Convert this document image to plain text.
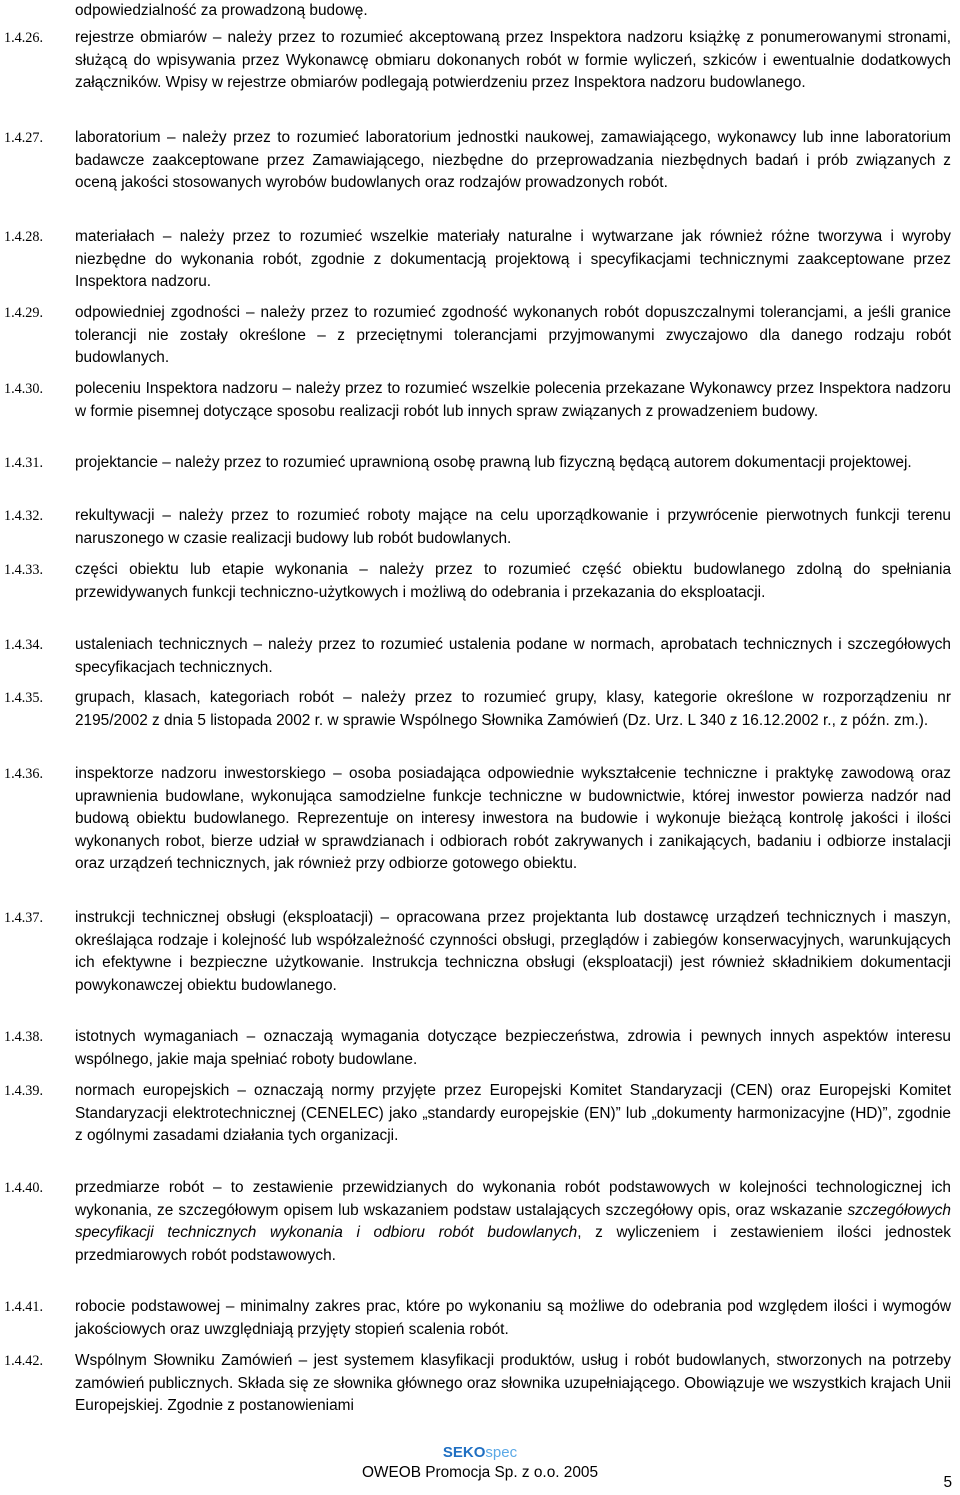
odpowiedzialność za prowadzoną budowę.
1.4.26. rejestrze obmiarów – należy przez to rozumieć akceptowaną przez Inspektora nadzoru książkę z ponumerowanymi stronami, służącą do wpisywania przez Wykonawcę obmiaru dokonanych robót w formie wyliczeń, szkiców i ewentualnie dodatkowych załączników. Wpisy w rejestrze obmiarów podlegają potwierdzeniu przez Inspektora nadzoru budowlanego.
1.4.27. laboratorium – należy przez to rozumieć laboratorium jednostki naukowej, zamawiającego, wykonawcy lub inne laboratorium badawcze zaakceptowane przez Zamawiającego, niezbędne do przeprowadzania niezbędnych badań i prób związanych z oceną jakości stosowanych wyrobów budowlanych oraz rodzajów prowadzonych robót.
1.4.28. materiałach – należy przez to rozumieć wszelkie materiały naturalne i wytwarzane jak również różne tworzywa i wyroby niezbędne do wykonania robót, zgodnie z dokumentacją projektową i specyfikacjami technicznymi zaakceptowane przez Inspektora nadzoru.
1.4.29. odpowiedniej zgodności – należy przez to rozumieć zgodność wykonanych robót dopuszczalnymi tolerancjami, a jeśli granice tolerancji nie zostały określone – z przeciętnymi tolerancjami przyjmowanymi zwyczajowo dla danego rodzaju robót budowlanych.
1.4.30. poleceniu Inspektora nadzoru – należy przez to rozumieć wszelkie polecenia przekazane Wykonawcy przez Inspektora nadzoru w formie pisemnej dotyczące sposobu realizacji robót lub innych spraw związanych z prowadzeniem budowy.
1.4.31. projektancie – należy przez to rozumieć uprawnioną osobę prawną lub fizyczną będącą autorem dokumentacji projektowej.
1.4.32. rekultywacji – należy przez to rozumieć roboty mające na celu uporządkowanie i przywrócenie pierwotnych funkcji terenu naruszonego w czasie realizacji budowy lub robót budowlanych.
1.4.33. części obiektu lub etapie wykonania – należy przez to rozumieć część obiektu budowlanego zdolną do spełniania przewidywanych funkcji techniczno-użytkowych i możliwą do odebrania i przekazania do eksploatacji.
1.4.34. ustaleniach technicznych – należy przez to rozumieć ustalenia podane w normach, aprobatach technicznych i szczegółowych specyfikacjach technicznych.
1.4.35. grupach, klasach, kategoriach robót – należy przez to rozumieć grupy, klasy, kategorie określone w rozporządzeniu nr 2195/2002 z dnia 5 listopada 2002 r. w sprawie Wspólnego Słownika Zamówień (Dz. Urz. L 340 z 16.12.2002 r., z późn. zm.).
1.4.36. inspektorze nadzoru inwestorskiego – osoba posiadająca odpowiednie wykształcenie techniczne i praktykę zawodową oraz uprawnienia budowlane, wykonująca samodzielne funkcje techniczne w budownictwie, której inwestor powierza nadzór nad budową obiektu budowlanego. Reprezentuje on interesy inwestora na budowie i wykonuje bieżącą kontrolę jakości i ilości wykonanych robot, bierze udział w sprawdzianach i odbiorach robót zakrywanych i zanikających, badaniu i odbiorze instalacji oraz urządzeń technicznych, jak również przy odbiorze gotowego obiektu.
1.4.37. instrukcji technicznej obsługi (eksploatacji) – opracowana przez projektanta lub dostawcę urządzeń technicznych i maszyn, określająca rodzaje i kolejność lub współzależność czynności obsługi, przeglądów i zabiegów konserwacyjnych, warunkujących ich efektywne i bezpieczne użytkowanie. Instrukcja techniczna obsługi (eksploatacji) jest również składnikiem dokumentacji powykonawczej obiektu budowlanego.
1.4.38. istotnych wymaganiach – oznaczają wymagania dotyczące bezpieczeństwa, zdrowia i pewnych innych aspektów interesu wspólnego, jakie maja spełniać roboty budowlane.
1.4.39. normach europejskich – oznaczają normy przyjęte przez Europejski Komitet Standaryzacji (CEN) oraz Europejski Komitet Standaryzacji elektrotechnicznej (CENELEC) jako „standardy europejskie (EN)” lub „dokumenty harmonizacyjne (HD)”, zgodnie z ogólnymi zasadami działania tych organizacji.
1.4.40. przedmiarze robót – to zestawienie przewidzianych do wykonania robót podstawowych w kolejności technologicznej ich wykonania, ze szczegółowym opisem lub wskazaniem podstaw ustalających szczegółowy opis, oraz wskazanie szczegółowych specyfikacji technicznych wykonania i odbioru robót budowlanych, z wyliczeniem i zestawieniem ilości jednostek przedmiarowych robót podstawowych.
1.4.41. robocie podstawowej – minimalny zakres prac, które po wykonaniu są możliwe do odebrania pod względem ilości i wymogów jakościowych oraz uwzględniają przyjęty stopień scalenia robót.
1.4.42. Wspólnym Słowniku Zamówień – jest systemem klasyfikacji produktów, usług i robót budowlanych, stworzonych na potrzeby zamówień publicznych. Składa się ze słownika głównego oraz słownika uzupełniającego. Obowiązuje we wszystkich krajach Unii Europejskiej. Zgodnie z postanowieniami
SEKOspec
OWEOB Promocja Sp. z o.o. 2005
5
